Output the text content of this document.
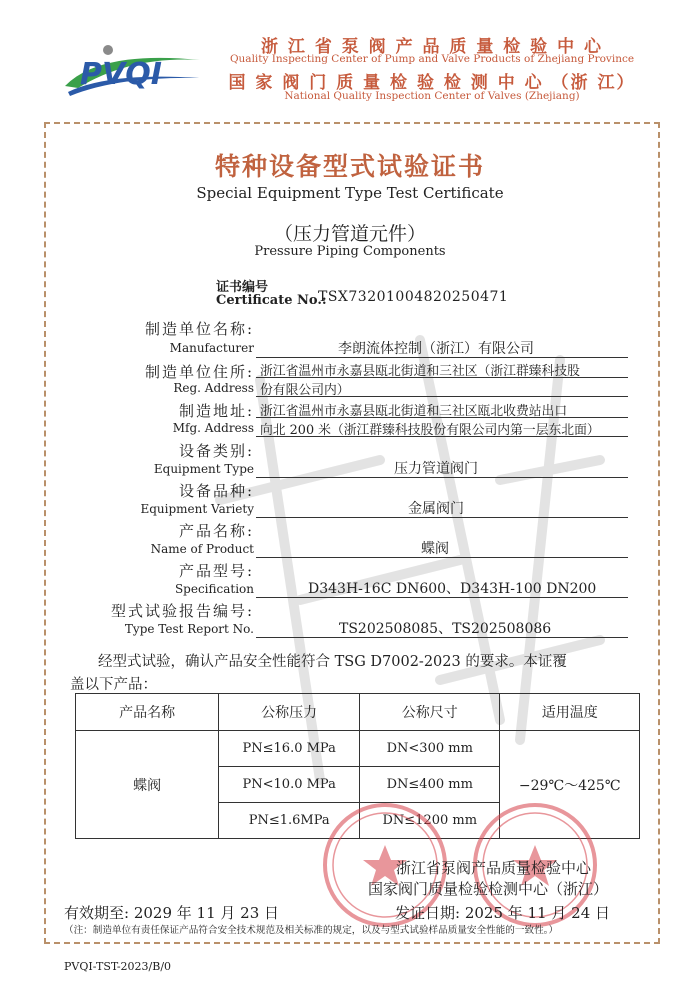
PVQI
浙 江 省 泵 阀 产 品 质 量 检 验 中 心
Quality Inspecting Center of Pump and Valve Products of Zhejiang Province
国 家 阀 门 质 量 检 验 检 测 中 心 （浙 江）
National Quality Inspection Center of Valves (Zhejiang)
特种设备型式试验证书
Special Equipment Type Test Certificate
（压力管道元件）
Pressure Piping Components
证书编号
Certificate No.:
TSX73201004820250471
制造单位名称:
Manufacturer	李朗流体控制（浙江）有限公司
制造单位住所:
Reg. Address
浙江省温州市永嘉县瓯北街道和三社区（浙江群臻科技股
份有限公司内）
制造地址:
Mfg. Address
浙江省温州市永嘉县瓯北街道和三社区瓯北收费站出口
向北 200 米（浙江群臻科技股份有限公司内第一层东北面）
设备类别:
Equipment Type	压力管道阀门
设备品种:
Equipment Variety	金属阀门
产品名称:
Name of Product	蝶阀
产品型号:
Specification	D343H-16C DN600、D343H-100 DN200
型式试验报告编号:
Type Test Report No.	TS202508085、TS202508086
经型式试验，确认产品安全性能符合 TSG D7002-2023 的要求。本证覆
盖以下产品：
产品名称	公称压力	公称尺寸	适用温度
蝶阀	PN≤16.0 MPa	DN<300 mm	−29℃～425℃
	PN<10.0 MPa	DN≤400 mm	
	PN≤1.6MPa	DN≤1200 mm	
浙江省泵阀产品质量检验中心
国家阀门质量检验检测中心（浙江）
有效期至: 2029 年 11 月 23 日	发证日期: 2025 年 11 月 24 日
（注：制造单位有责任保证产品符合安全技术规范及相关标准的规定，以及与型式试验样品质量安全性能的一致性。）
PVQI-TST-2023/B/0
